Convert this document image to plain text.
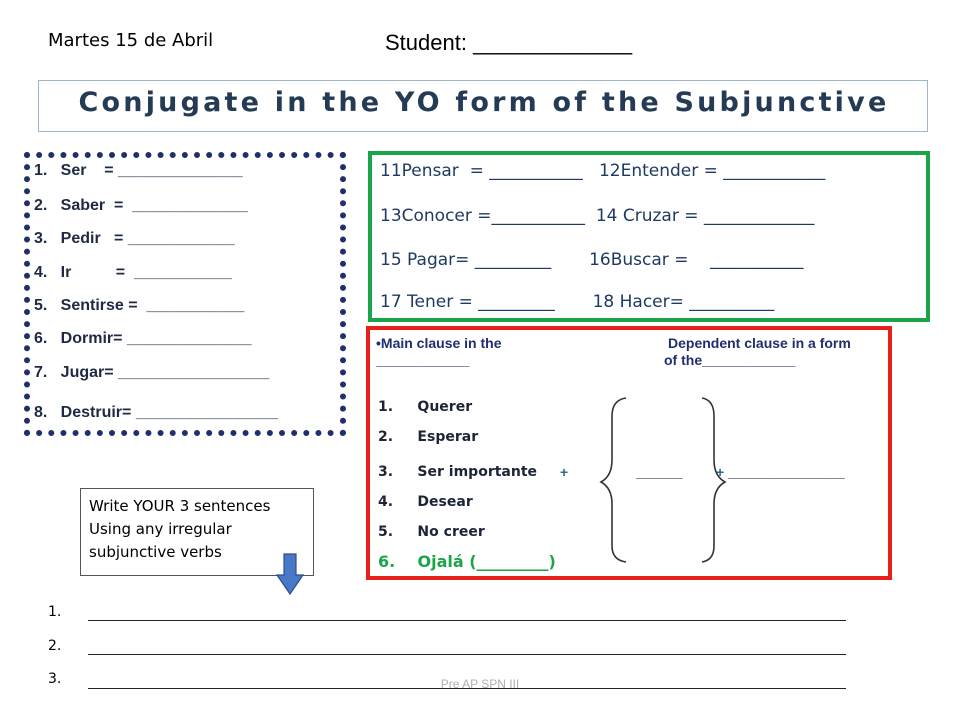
Martes 15 de Abril	Student: _____________
Conjugate in the YO form of the Subjunctive
1.   Ser    = ______________
2.   Saber  =  _____________
3.   Pedir   = ____________
4.   Ir          =  ___________
5.   Sentirse =  ___________
6.   Dormir= ______________
7.   Jugar= _________________
8.   Destruir= ________________
11Pensar  = ___________   12Entender = ____________
13Conocer =___________  14 Cruzar = _____________
15 Pagar= _________       16Buscar =    ___________
17 Tener = _________       18 Hacer= __________
•Main clause in the
____________
Dependent clause in a form
of the____________
1.     Querer
2.     Esperar
3.     Ser importante
4.     Desear
5.     No creer
6.    Ojalá (_________)
+	______ + _______________
Write YOUR 3 sentences
Using any irregular
subjunctive verbs
1.
2.
3.	Pre AP SPN III
